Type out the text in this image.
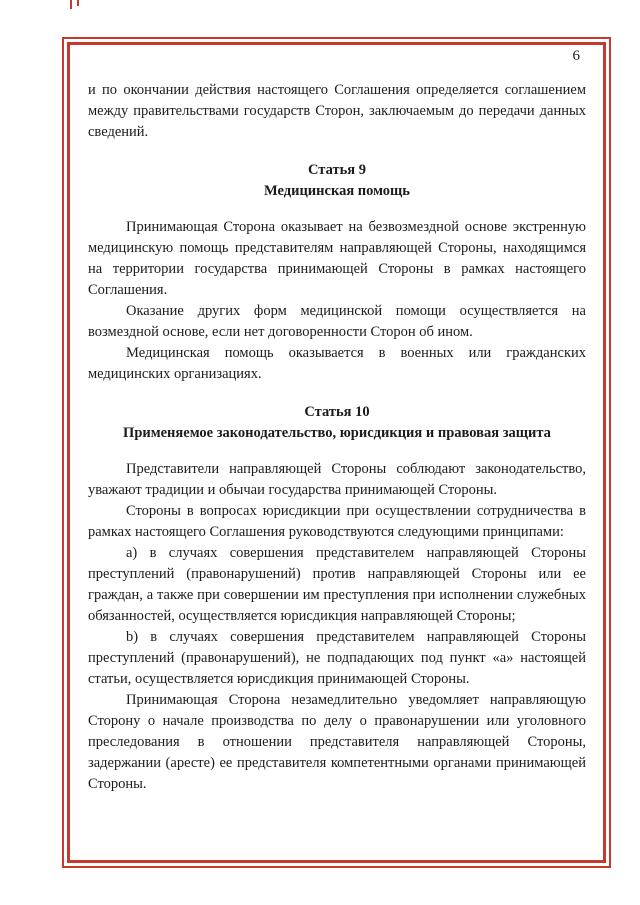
6

и по окончании действия настоящего Соглашения определяется соглашением между правительствами государств Сторон, заключаемым до передачи данных сведений.

Статья 9

Медицинская помощь

Принимающая Сторона оказывает на безвозмездной основе экстренную медицинскую помощь представителям направляющей Стороны, находящимся на территории государства принимающей Стороны в рамках настоящего Соглашения.

Оказание других форм медицинской помощи осуществляется на возмездной основе, если нет договоренности Сторон об ином.

Медицинская помощь оказывается в военных или гражданских медицинских организациях.

Статья 10

Применяемое законодательство, юрисдикция и правовая защита

Представители направляющей Стороны соблюдают законодательство, уважают традиции и обычаи государства принимающей Стороны.

Стороны в вопросах юрисдикции при осуществлении сотрудничества в рамках настоящего Соглашения руководствуются следующими принципами:

a) в случаях совершения представителем направляющей Стороны преступлений (правонарушений) против направляющей Стороны или ее граждан, а также при совершении им преступления при исполнении служебных обязанностей, осуществляется юрисдикция направляющей Стороны;

b) в случаях совершения представителем направляющей Стороны преступлений (правонарушений), не подпадающих под пункт «а» настоящей статьи, осуществляется юрисдикция принимающей Стороны.

Принимающая Сторона незамедлительно уведомляет направляющую Сторону о начале производства по делу о правонарушении или уголовного преследования в отношении представителя направляющей Стороны, задержании (аресте) ее представителя компетентными органами принимающей Стороны.
